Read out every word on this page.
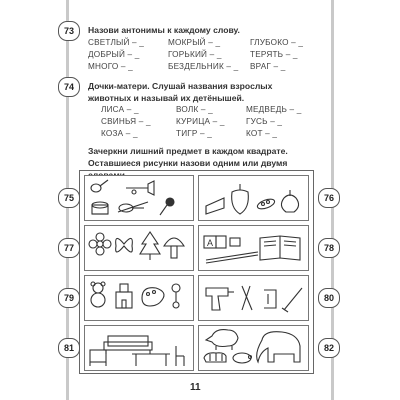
73	Назови антонимы к каждому слову.
СВЕТЛЫЙ – _
ДОБРЫЙ – _
МНОГО – _
МОКРЫЙ – _
ГОРЬКИЙ – _
БЕЗДЕЛЬНИК – _
ГЛУБОКО – _
ТЕРЯТЬ – _
ВРАГ – _
74	Дочки-матери. Слушай названия взрослых животных и называй их детёнышей.
ЛИСА – _
СВИНЬЯ – _
КОЗА – _
ВОЛК – _
КУРИЦА – _
ТИГР – _
МЕДВЕДЬ – _
ГУСЬ – _
КОТ – _
Зачеркни лишний предмет в каждом квадрате. Оставшиеся рисунки назови одним или двумя
75
77
79
81
76
78
80
82
A
11
